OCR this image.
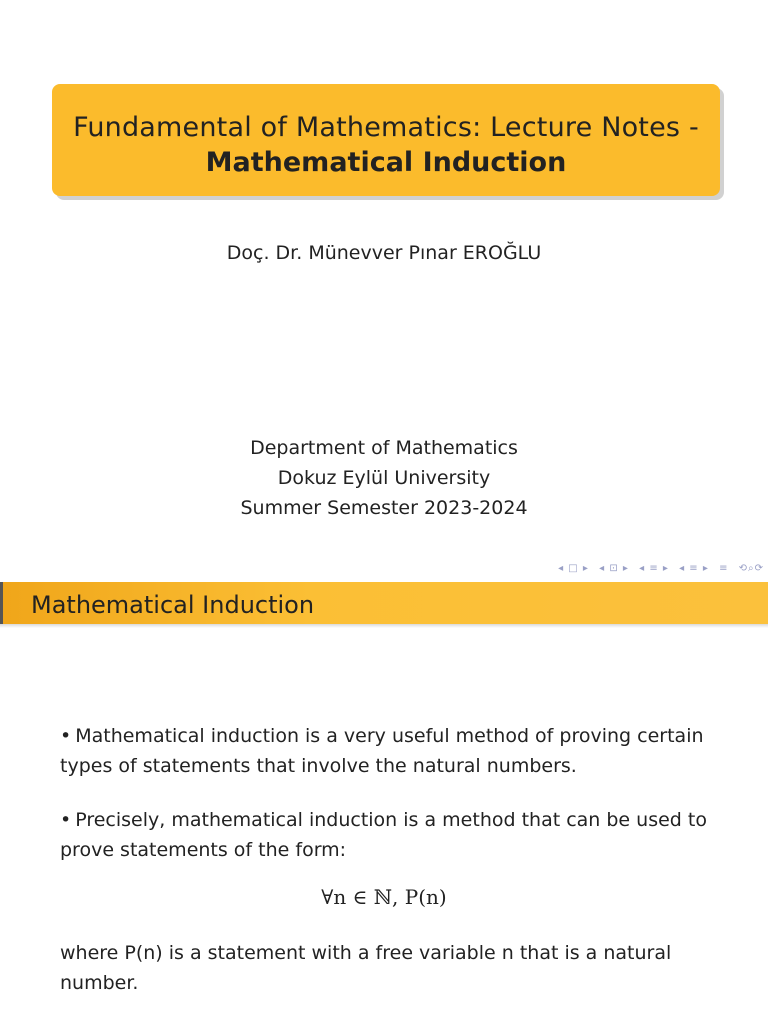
Fundamental of Mathematics: Lecture Notes -
Mathematical Induction
Doç. Dr. Münevver Pınar EROĞLU
Department of Mathematics
Dokuz Eylül University
Summer Semester 2023-2024
◂ □ ▸ ◂ ⊡ ▸ ◂ ≡ ▸ ◂ ≡ ▸ ≡ ⟲⌕⟳
Mathematical Induction
• Mathematical induction is a very useful method of proving certain types of statements that involve the natural numbers.
• Precisely, mathematical induction is a method that can be used to prove statements of the form:
∀n ∈ ℕ, P(n)
where P(n) is a statement with a free variable n that is a natural number.
